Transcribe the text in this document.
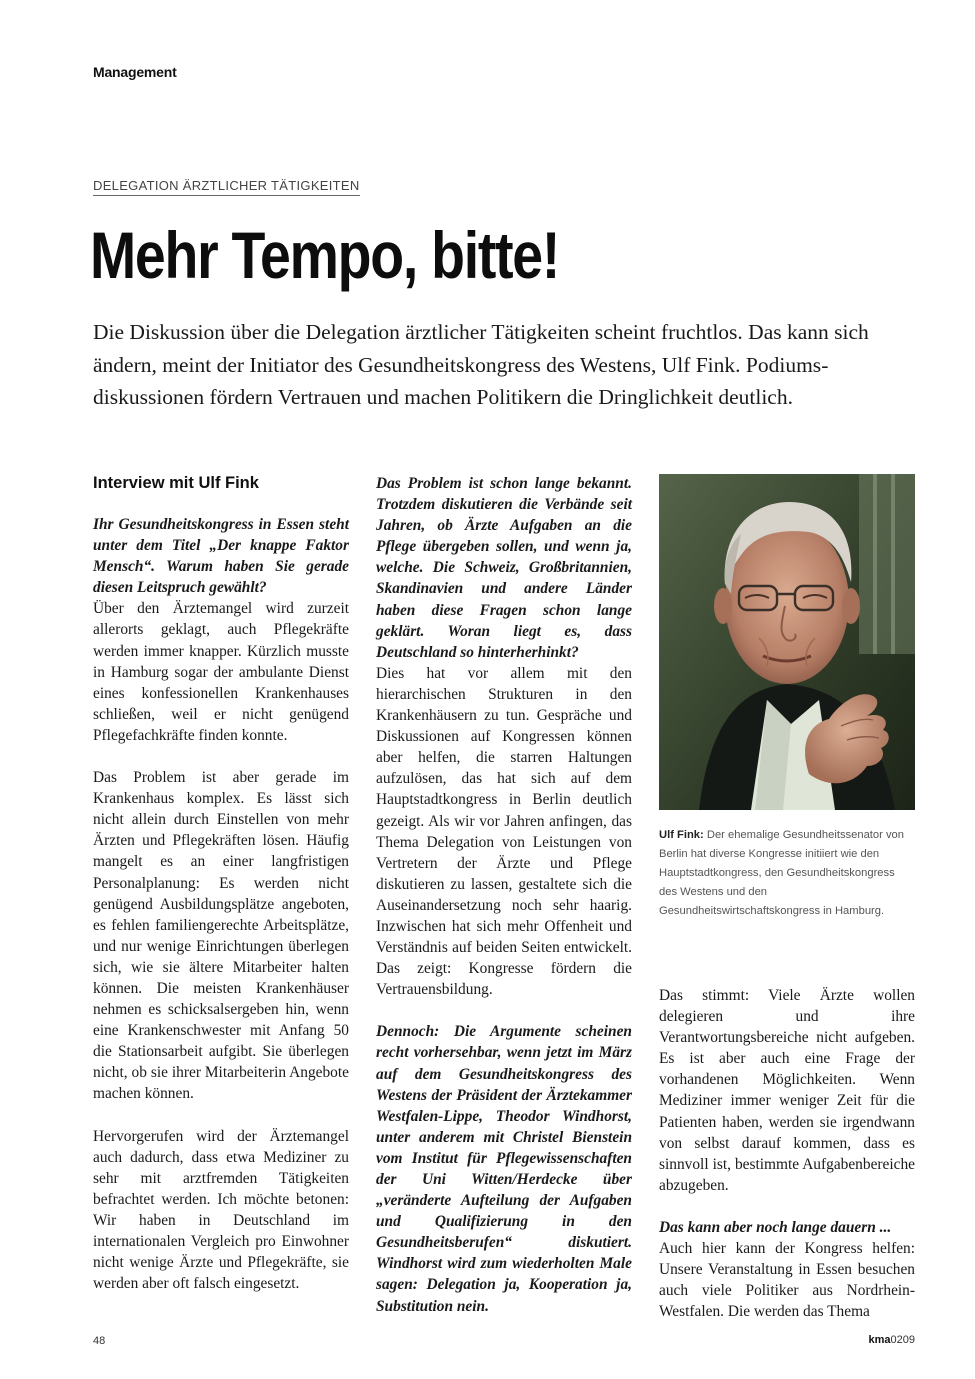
Management
DELEGATION ÄRZTLICHER TÄTIGKEITEN
Mehr Tempo, bitte!

Die Diskussion über die Delegation ärztlicher Tätigkeiten scheint fruchtlos. Das kann sich ändern, meint der Initiator des Gesundheitskongress des Westens, Ulf Fink. Podiumsdiskussionen fördern Vertrauen und machen Politikern die Dringlichkeit deutlich.

Interview mit Ulf Fink

Ihr Gesundheitskongress in Essen steht unter dem Titel „Der knappe Faktor Mensch“. Warum haben Sie gerade diesen Leitspruch gewählt?

Über den Ärztemangel wird zurzeit allerorts geklagt, auch Pflegekräfte werden immer knapper. Kürzlich musste in Hamburg sogar der ambulante Dienst eines konfessionellen Krankenhauses schließen, weil er nicht genügend Pflegefachkräfte finden konnte.

Das Problem ist aber gerade im Krankenhaus komplex. Es lässt sich nicht allein durch Einstellen von mehr Ärzten und Pflegekräften lösen. Häufig mangelt es an einer langfristigen Personalplanung: Es werden nicht genügend Ausbildungsplätze angeboten, es fehlen familiengerechte Arbeitsplätze, und nur wenige Einrichtungen überlegen sich, wie sie ältere Mitarbeiter halten können. Die meisten Krankenhäuser nehmen es schicksalsergeben hin, wenn eine Krankenschwester mit Anfang 50 die Stationsarbeit aufgibt. Sie überlegen nicht, ob sie ihrer Mitarbeiterin Angebote machen können.

Hervorgerufen wird der Ärztemangel auch dadurch, dass etwa Mediziner zu sehr mit arztfremden Tätigkeiten befrachtet werden. Ich möchte betonen: Wir haben in Deutschland im internationalen Vergleich pro Einwohner nicht wenige Ärzte und Pflegekräfte, sie werden aber oft falsch eingesetzt.

Das Problem ist schon lange bekannt. Trotzdem diskutieren die Verbände seit Jahren, ob Ärzte Aufgaben an die Pflege übergeben sollen, und wenn ja, welche. Die Schweiz, Großbritannien, Skandinavien und andere Länder haben diese Fragen schon lange geklärt. Woran liegt es, dass Deutschland so hinterherhinkt?

Dies hat vor allem mit den hierarchischen Strukturen in den Krankenhäusern zu tun. Gespräche und Diskussionen auf Kongressen können aber helfen, die starren Haltungen aufzulösen, das hat sich auf dem Hauptstadtkongress in Berlin deutlich gezeigt. Als wir vor Jahren anfingen, das Thema Delegation von Leistungen von Vertretern der Ärzte und Pflege diskutieren zu lassen, gestaltete sich die Auseinandersetzung noch sehr haarig. Inzwischen hat sich mehr Offenheit und Verständnis auf beiden Seiten entwickelt. Das zeigt: Kongresse fördern die Vertrauensbildung.

Dennoch: Die Argumente scheinen recht vorhersehbar, wenn jetzt im März auf dem Gesundheitskongress des Westens der Präsident der Ärztekammer Westfalen-Lippe, Theodor Windhorst, unter anderem mit Christel Bienstein vom Institut für Pflegewissenschaften der Uni Witten/Herdecke über „veränderte Aufteilung der Aufgaben und Qualifizierung in den Gesundheitsberufen“ diskutiert. Windhorst wird zum wiederholten Male sagen: Delegation ja, Kooperation ja, Substitution nein.

Ulf Fink: Der ehemalige Gesundheitssenator von Berlin hat diverse Kongresse initiiert wie den Hauptstadtkongress, den Gesundheitskongress des Westens und den Gesundheitswirtschaftskongress in Hamburg.

Das stimmt: Viele Ärzte wollen delegieren und ihre Verantwortungsbereiche nicht aufgeben. Es ist aber auch eine Frage der vorhandenen Möglichkeiten. Wenn Mediziner immer weniger Zeit für die Patienten haben, werden sie irgendwann von selbst darauf kommen, dass es sinnvoll ist, bestimmte Aufgabenbereiche abzugeben.

Das kann aber noch lange dauern ...

Auch hier kann der Kongress helfen: Unsere Veranstaltung in Essen besuchen auch viele Politiker aus Nordrhein-Westfalen. Die werden das Thema

48	kma0209
